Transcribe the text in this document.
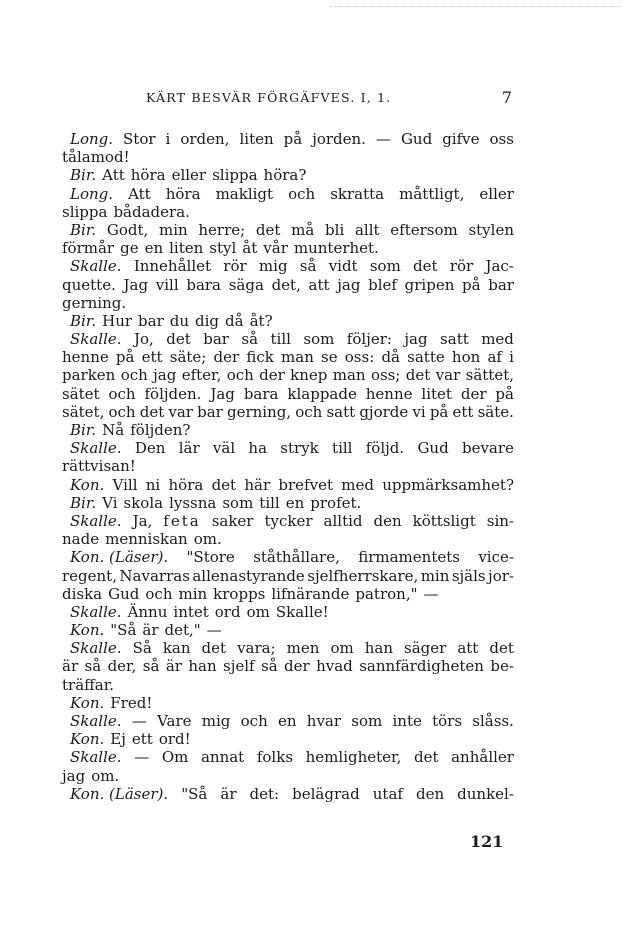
KÄRT BESVÄR FÖRGÄFVES. I, 1.	7
Long. Stor i orden, liten på jorden. — Gud gifve oss
tålamod!
Bir. Att höra eller slippa höra?
Long. Att höra makligt och skratta måttligt, eller
slippa bådadera.
Bir. Godt, min herre; det må bli allt eftersom stylen
förmår ge en liten styl åt vår munterhet.
Skalle. Innehållet rör mig så vidt som det rör Jac-
quette. Jag vill bara säga det, att jag blef gripen på bar
gerning.
Bir. Hur bar du dig då åt?
Skalle. Jo, det bar så till som följer: jag satt med
henne på ett säte; der fick man se oss: då satte hon af i
parken och jag efter, och der knep man oss; det var sättet,
sätet och följden. Jag bara klappade henne litet der på
sätet, och det var bar gerning, och satt gjorde vi på ett säte.
Bir. Nå följden?
Skalle. Den lär väl ha stryk till följd. Gud bevare
rättvisan!
Kon. Vill ni höra det här brefvet med uppmärksamhet?
Bir. Vi skola lyssna som till en profet.
Skalle. Ja, feta saker tycker alltid den köttsligt sin-
nade menniskan om.
Kon. (Läser). "Store ståthållare, firmamentets vice-
regent, Navarras allenastyrande sjelfherrskare, min själs jor-
diska Gud och min kropps lifnärande patron," —
Skalle. Ännu intet ord om Skalle!
Kon. "Så är det," —
Skalle. Så kan det vara; men om han säger att det
är så der, så är han sjelf så der hvad sannfärdigheten be-
träffar.
Kon. Fred!
Skalle. — Vare mig och en hvar som inte törs slåss.
Kon. Ej ett ord!
Skalle. — Om annat folks hemligheter, det anhåller
jag om.
Kon. (Läser). "Så är det: belägrad utaf den dunkel-
121
